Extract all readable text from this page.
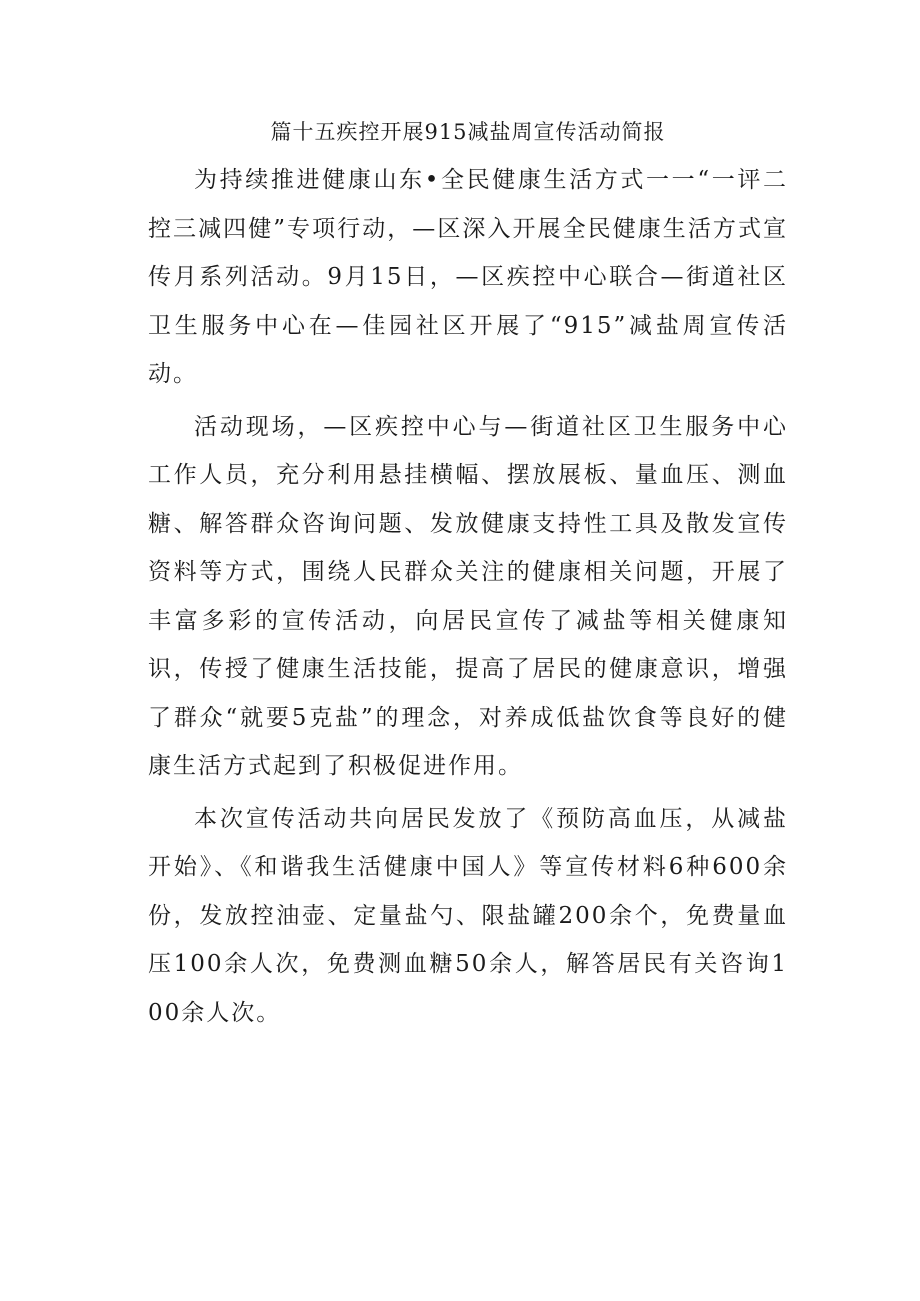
篇十五疾控开展915减盐周宣传活动简报

为持续推进健康山东•全民健康生活方式一一“一评二控三减四健”专项行动，—区深入开展全民健康生活方式宣传月系列活动。9月15日，—区疾控中心联合—街道社区卫生服务中心在—佳园社区开展了“915”减盐周宣传活动。

活动现场，—区疾控中心与—街道社区卫生服务中心工作人员，充分利用悬挂横幅、摆放展板、量血压、测血糖、解答群众咨询问题、发放健康支持性工具及散发宣传资料等方式，围绕人民群众关注的健康相关问题，开展了丰富多彩的宣传活动，向居民宣传了减盐等相关健康知识，传授了健康生活技能，提高了居民的健康意识，增强了群众“就要5克盐”的理念，对养成低盐饮食等良好的健康生活方式起到了积极促进作用。

本次宣传活动共向居民发放了《预防高血压，从减盐开始》、《和谐我生活健康中国人》等宣传材料6种600余份，发放控油壶、定量盐勺、限盐罐200余个，免费量血压100余人次，免费测血糖50余人，解答居民有关咨询100余人次。
